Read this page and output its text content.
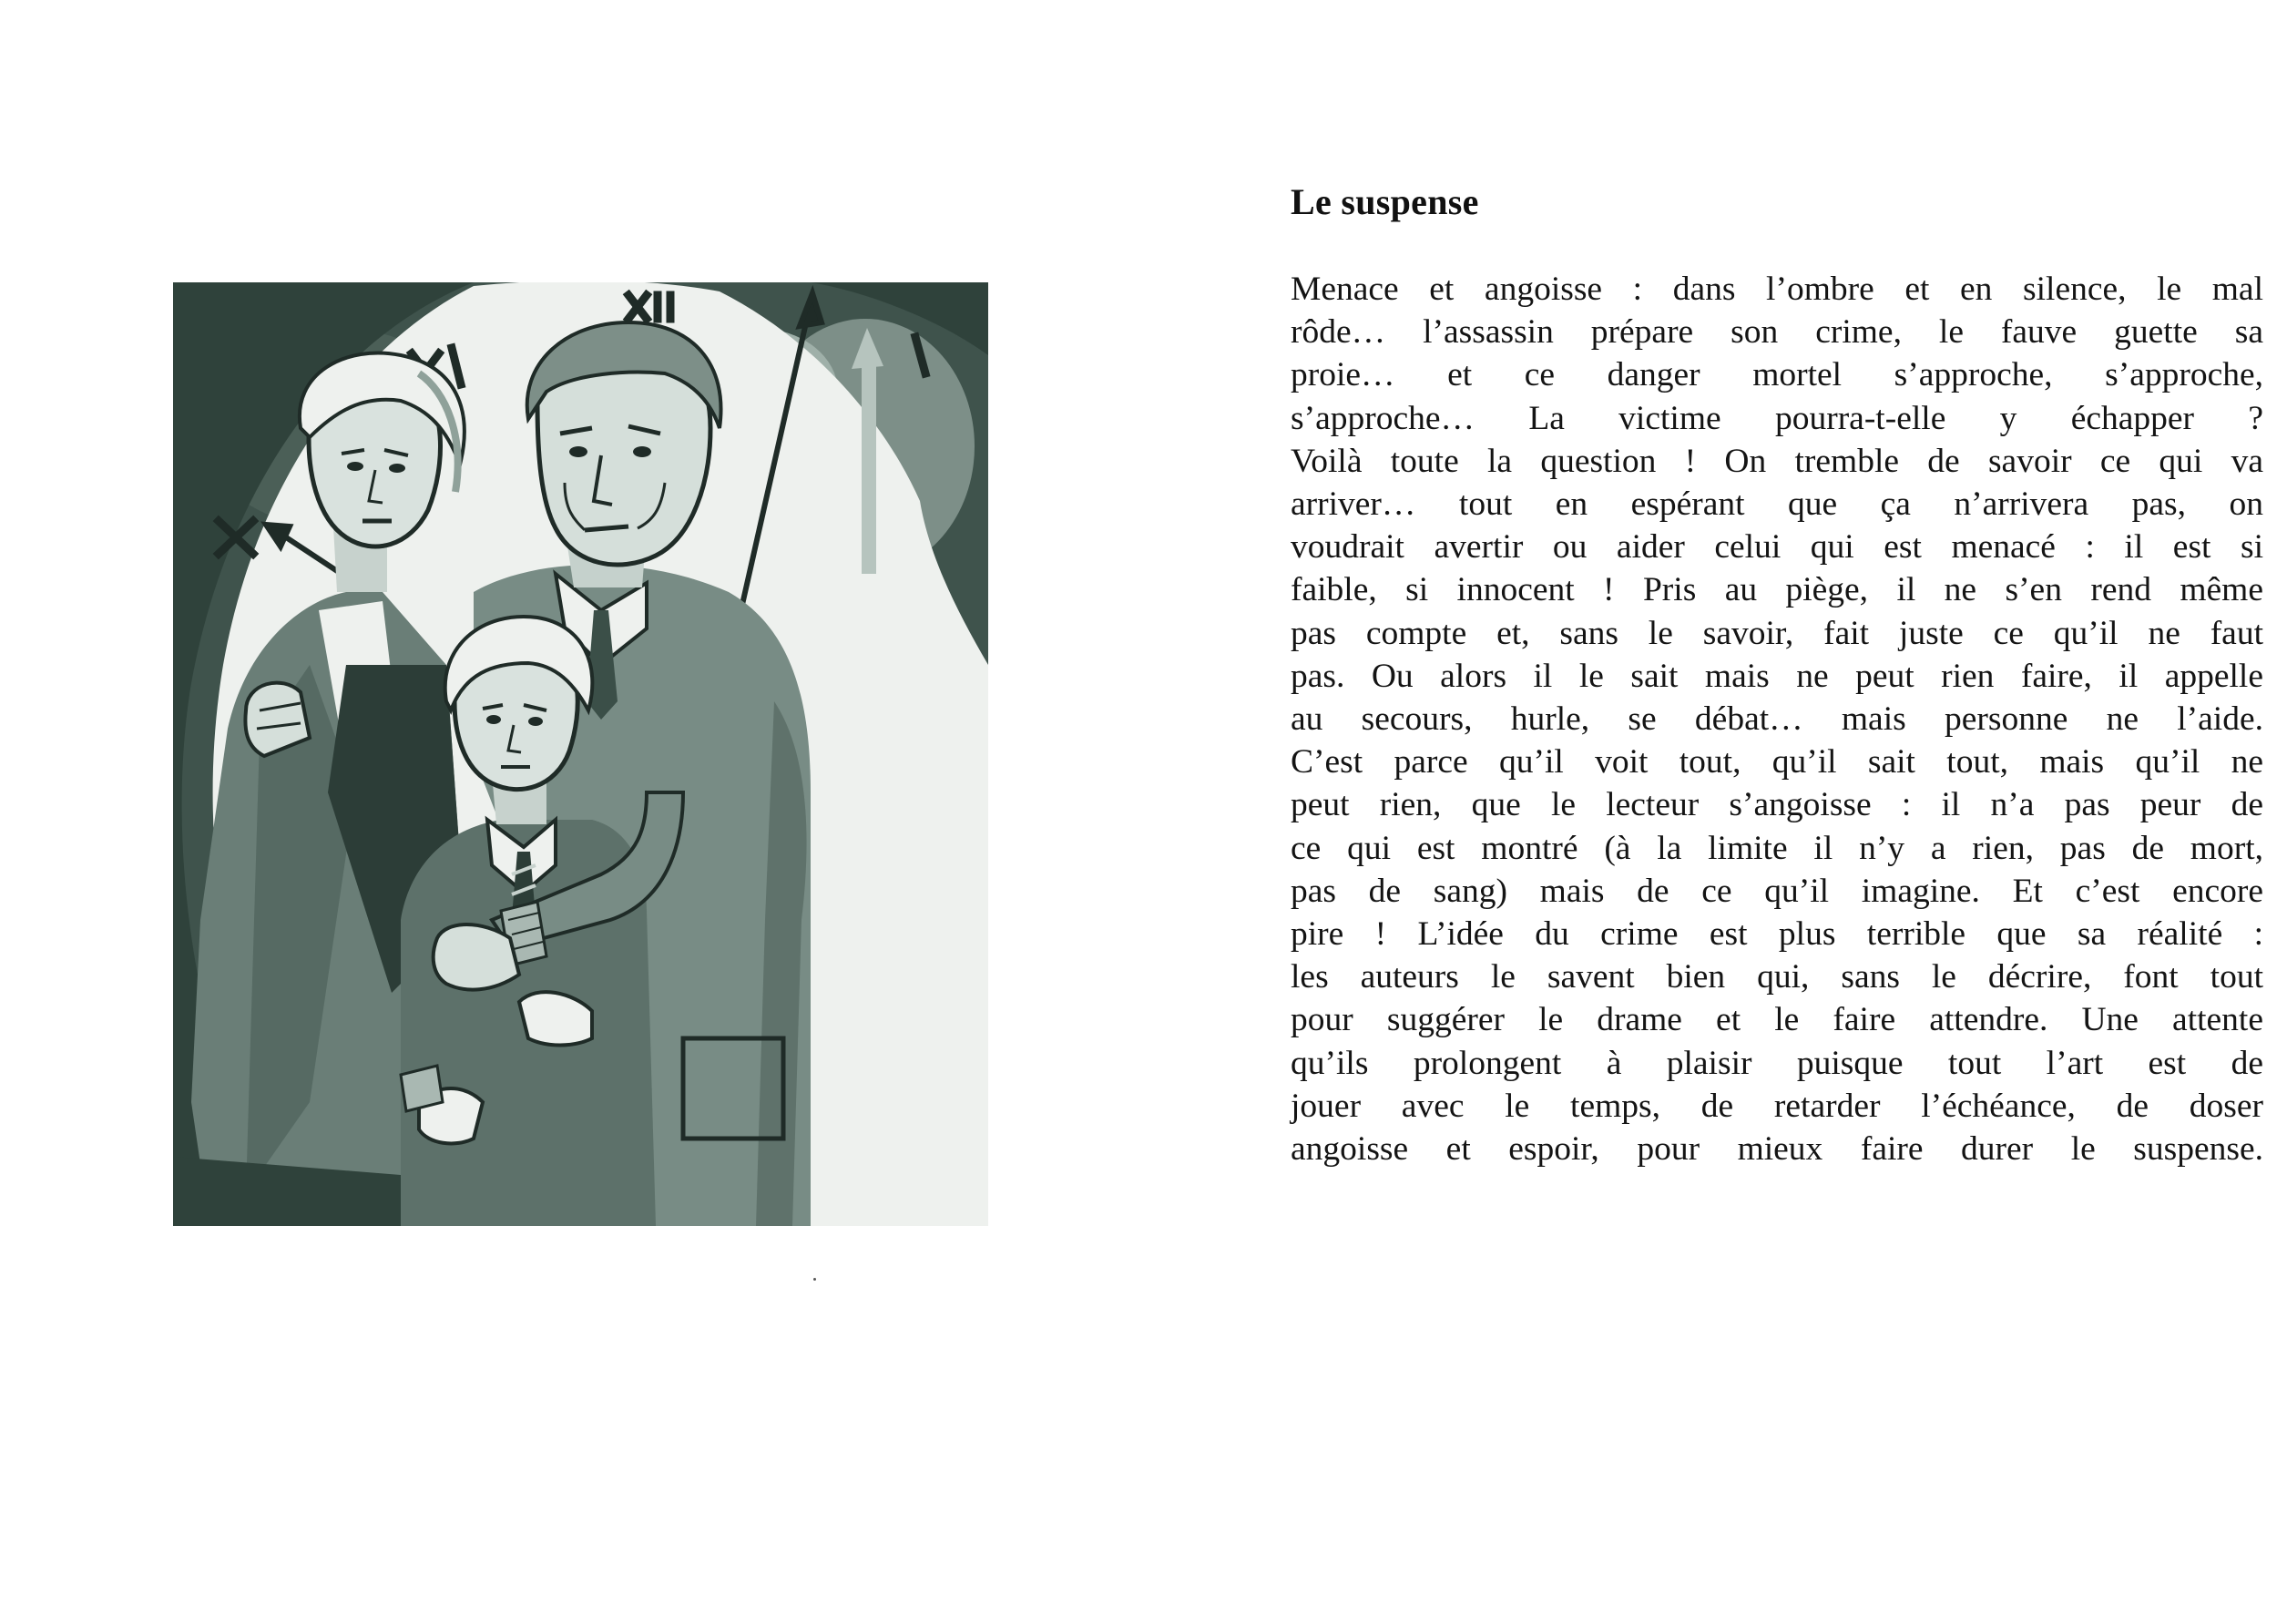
Le suspense
Menace et angoisse : dans l’ombre et en silence, le mal
rôde… l’assassin prépare son crime, le fauve guette sa
proie… et ce danger mortel s’approche, s’approche,
s’approche… La victime pourra-t-elle y échapper ?
Voilà toute la question ! On tremble de savoir ce qui va
arriver… tout en espérant que ça n’arrivera pas, on
voudrait avertir ou aider celui qui est menacé : il est si
faible, si innocent ! Pris au piège, il ne s’en rend même
pas compte et, sans le savoir, fait juste ce qu’il ne faut
pas. Ou alors il le sait mais ne peut rien faire, il appelle
au secours, hurle, se débat… mais personne ne l’aide.
C’est parce qu’il voit tout, qu’il sait tout, mais qu’il ne
peut rien, que le lecteur s’angoisse : il n’a pas peur de
ce qui est montré (à la limite il n’y a rien, pas de mort,
pas de sang) mais de ce qu’il imagine. Et c’est encore
pire ! L’idée du crime est plus terrible que sa réalité :
les auteurs le savent bien qui, sans le décrire, font tout
pour suggérer le drame et le faire attendre. Une attente
qu’ils prolongent à plaisir puisque tout l’art est de
jouer avec le temps, de retarder l’échéance, de doser
angoisse et espoir, pour mieux faire durer le suspense.
